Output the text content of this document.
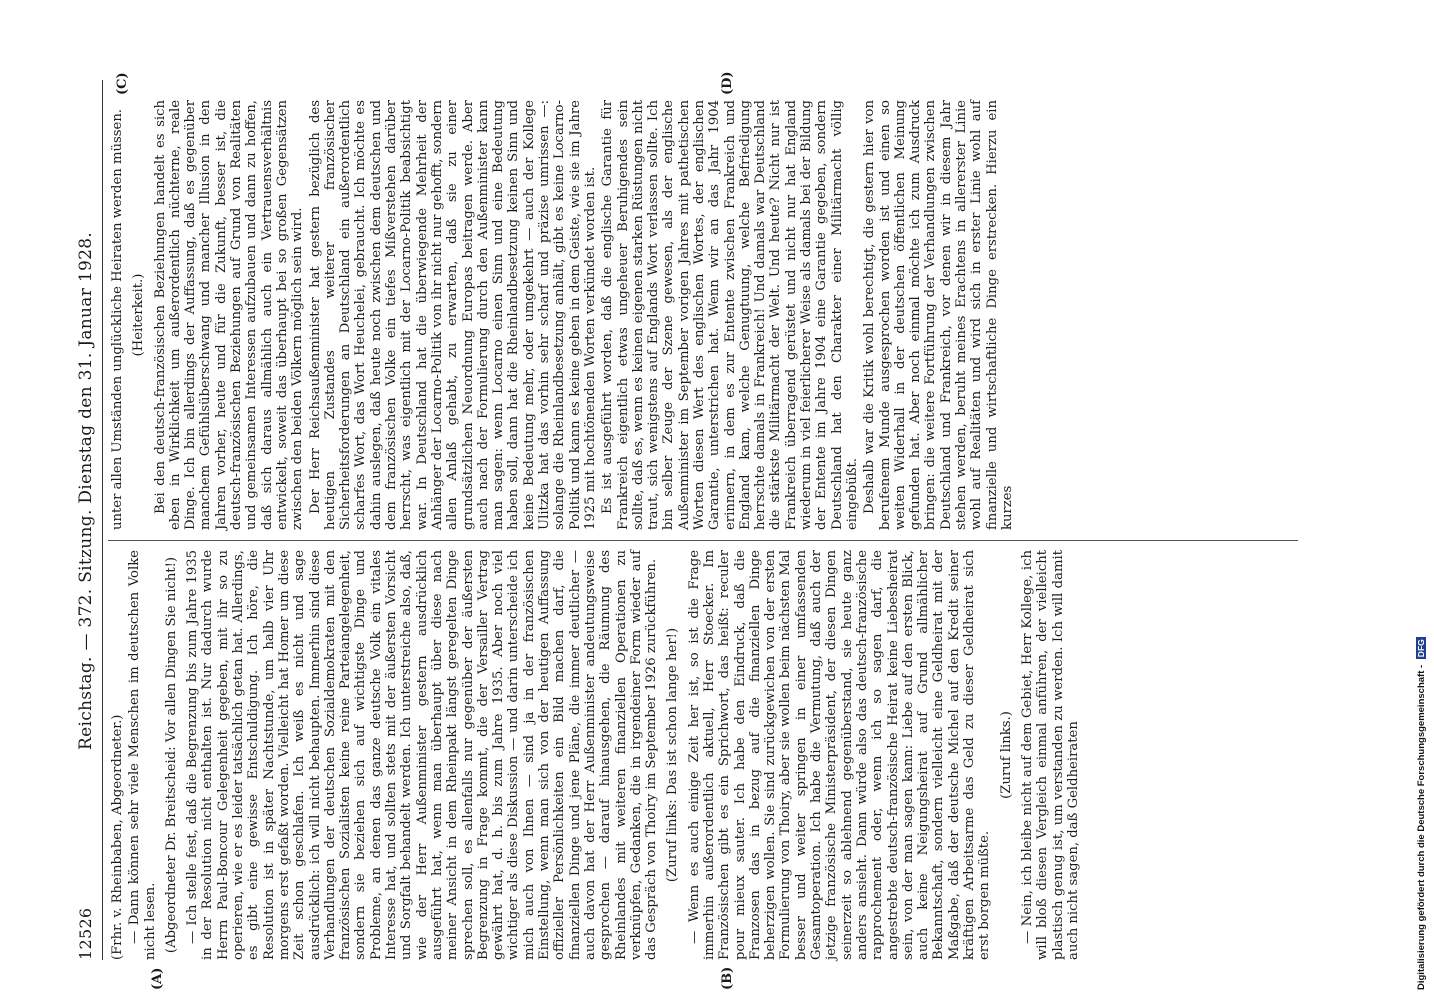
12526
Reichstag. — 372. Sitzung. Dienstag den 31. Januar 1928.
(A)	(B)
(C)	(D)

(Frhr. v. Rheinbaben, Abgeordneter.) — Dann können sehr viele Menschen im deutschen Volke nicht lesen. (Abgeordneter Dr. Breitscheid: Vor allen Dingen Sie nicht!) — Ich stelle fest, daß die Begrenzung bis zum Jahre 1935 in der Resolution nicht enthalten ist. Nur dadurch wurde Herrn Paul-Boncour Gelegenheit gegeben, mit ihr so zu operieren, wie er es leider tatsächlich getan hat. Allerdings, es gibt eine gewisse Entschuldigung. Ich höre, die Resolution ist in später Nachtstunde, um halb vier Uhr morgens erst gefaßt worden. Vielleicht hat Homer um diese Zeit schon geschlafen. Ich weiß es nicht und sage ausdrücklich: ich will nicht behaupten. Immerhin sind diese Verhandlungen der deutschen Sozialdemokraten mit den französischen Sozialisten keine reine Parteiangelegenheit, sondern sie beziehen sich auf wichtigste Dinge und Probleme, an denen das ganze deutsche Volk ein vitales Interesse hat, und sollten stets mit der äußersten Vorsicht und Sorgfalt behandelt werden. Ich unterstreiche also, daß, wie der Herr Außenminister gestern ausdrücklich ausgeführt hat, wenn man überhaupt über diese nach meiner Ansicht in dem Rheinpakt längst geregelten Dinge sprechen soll, es allenfalls nur gegenüber der äußersten Begrenzung in Frage kommt, die der Versailler Vertrag gewährt hat, d. h. bis zum Jahre 1935. Aber noch viel wichtiger als diese Diskussion — und darin unterscheide ich mich auch von Ihnen — sind ja in der französischen Einstellung, wenn man sich von der heutigen Auffassung offizieller Persönlichkeiten ein Bild machen darf, die finanziellen Dinge und jene Pläne, die immer deutlicher — auch davon hat der Herr Außenminister andeutungsweise gesprochen — darauf hinausgehen, die Räumung des Rheinlandes mit weiteren finanziellen Operationen zu verknüpfen, Gedanken, die in irgendeiner Form wieder auf das Gespräch von Thoiry im September 1926 zurückführen. (Zuruf links: Das ist schon lange her!) — Wenn es auch einige Zeit her ist, so ist die Frage immerhin außerordentlich aktuell, Herr Stoecker. Im Französischen gibt es ein Sprichwort, das heißt: reculer pour mieux sauter. Ich habe den Eindruck, daß die Franzosen das in bezug auf die finanziellen Dinge beherzigen wollen. Sie sind zurückgewichen von der ersten Formulierung von Thoiry, aber sie wollen beim nächsten Mal besser und weiter springen in einer umfassenden Gesamtoperation. Ich habe die Vermutung, daß auch der jetzige französische Ministerpräsident, der diesen Dingen seinerzeit so ablehnend gegenüberstand, sie heute ganz anders ansieht. Dann würde also das deutsch-französische rapprochement oder, wenn ich so sagen darf, die angestrebte deutsch-französische Heirat keine Liebesheirat sein, von der man sagen kann: Liebe auf den ersten Blick, auch keine Neigungsheirat auf Grund allmählicher Bekanntschaft, sondern vielleicht eine Geldheirat mit der Maßgabe, daß der deutsche Michel auf den Kredit seiner kräftigen Arbeitsarme das Geld zu dieser Geldheirat sich erst borgen müßte.

(Zuruf links.) — Nein, ich bleibe nicht auf dem Gebiet, Herr Kollege, ich will bloß diesen Vergleich einmal anführen, der vielleicht plastisch genug ist, um verstanden zu werden. Ich will damit auch nicht sagen, daß Geldheiraten

unter allen Umständen unglückliche Heiraten werden müssen. (Heiterkeit.) Bei den deutsch-französischen Beziehungen handelt es sich eben in Wirklichkeit um außerordentlich nüchterne, reale Dinge. Ich bin allerdings der Auffassung, daß es gegenüber manchem Gefühlsüberschwang und mancher Illusion in den Jahren vorher, heute und für die Zukunft, besser ist, die deutsch-französischen Beziehungen auf Grund von Realitäten und gemeinsamen Interessen aufzubauen und dann zu hoffen, daß sich daraus allmählich auch ein Vertrauensverhältnis entwickelt, soweit das überhaupt bei so großen Gegensätzen zwischen den beiden Völkern möglich sein wird. Der Herr Reichsaußenminister hat gestern bezüglich des heutigen Zustandes weiterer französischer Sicherheitsforderungen an Deutschland ein außerordentlich scharfes Wort, das Wort Heuchelei, gebraucht. Ich möchte es dahin auslegen, daß heute noch zwischen dem deutschen und dem französischen Volke ein tiefes Mißverstehen darüber herrscht, was eigentlich mit der Locarno-Politik beabsichtigt war. In Deutschland hat die überwiegende Mehrheit der Anhänger der Locarno-Politik von ihr nicht nur gehofft, sondern allen Anlaß gehabt, zu erwarten, daß sie zu einer grundsätzlichen Neuordnung Europas beitragen werde. Aber auch nach der Formulierung durch den Außenminister kann man sagen: wenn Locarno einen Sinn und eine Bedeutung haben soll, dann hat die Rheinlandbesetzung keinen Sinn und keine Bedeutung mehr, oder umgekehrt — auch der Kollege Ulitzka hat das vorhin sehr scharf und präzise umrissen —: solange die Rheinlandbesetzung anhält, gibt es keine Locarno-Politik und kann es keine geben in dem Geiste, wie sie im Jahre 1925 mit hochtönenden Worten verkündet worden ist. Es ist ausgeführt worden, daß die englische Garantie für Frankreich eigentlich etwas ungeheuer Beruhigendes sein sollte, daß es, wenn es keinen eigenen starken Rüstungen nicht traut, sich wenigstens auf Englands Wort verlassen sollte. Ich bin selber Zeuge der Szene gewesen, als der englische Außenminister im September vorigen Jahres mit pathetischen Worten diesen Wert des englischen Wortes, der englischen Garantie, unterstrichen hat. Wenn wir an das Jahr 1904 erinnern, in dem es zur Entente zwischen Frankreich und England kam, welche Genugtuung, welche Befriedigung herrschte damals in Frankreich! Und damals war Deutschland die stärkste Militärmacht der Welt. Und heute? Nicht nur ist Frankreich überragend gerüstet und nicht nur hat England wiederum in viel feierlicherer Weise als damals bei der Bildung der Entente im Jahre 1904 eine Garantie gegeben, sondern Deutschland hat den Charakter einer Militärmacht völlig eingebüßt. Deshalb war die Kritik wohl berechtigt, die gestern hier von berufenem Munde ausgesprochen worden ist und einen so weiten Widerhall in der deutschen öffentlichen Meinung gefunden hat. Aber noch einmal möchte ich zum Ausdruck bringen: die weitere Fortführung der Verhandlungen zwischen Deutschland und Frankreich, vor denen wir in diesem Jahr stehen werden, beruht meines Erachtens in allererster Linie wohl auf Realitäten und wird sich in erster Linie wohl auf finanzielle und wirtschaftliche Dinge erstrecken. Hierzu ein kurzes

Digitalisierung gefördert durch die Deutsche Forschungsgemeinschaft - DFG
